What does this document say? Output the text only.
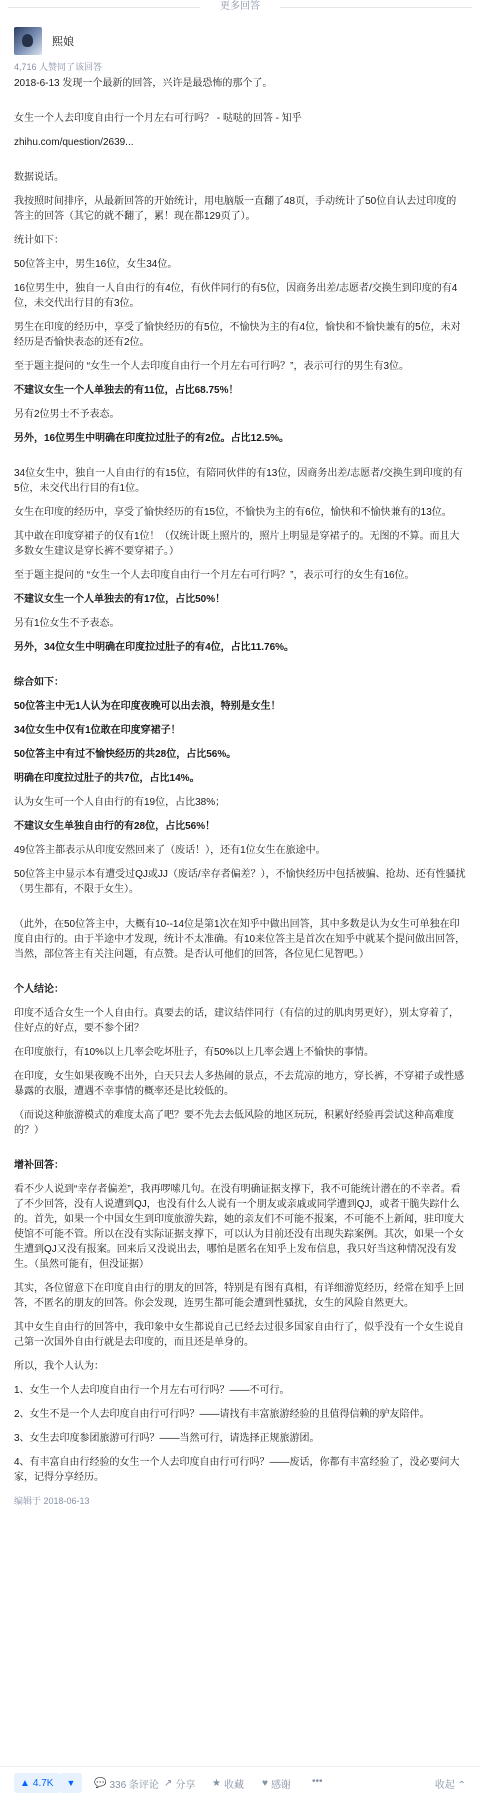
更多回答
熙娘
4,716 人赞同了该回答

2018-6-13 发现一个最新的回答，兴许是最恐怖的那个了。

女生一个人去印度自由行一个月左右可行吗？ - 哒哒的回答 - 知乎

zhihu.com/question/2639...

数据说话。

我按照时间排序，从最新回答的开始统计，用电脑版一直翻了48页，手动统计了50位自认去过印度的答主的回答（其它的就不翻了，累！现在都129页了）。

统计如下：

50位答主中，男生16位，女生34位。

16位男生中，独自一人自由行的有4位，有伙伴同行的有5位，因商务出差/志愿者/交换生到印度的有4位，未交代出行目的有3位。

男生在印度的经历中，享受了愉快经历的有5位，不愉快为主的有4位，愉快和不愉快兼有的5位，未对经历是否愉快表态的还有2位。

至于题主提问的 “女生一个人去印度自由行一个月左右可行吗？”，表示可行的男生有3位。

不建议女生一个人单独去的有11位，占比68.75%！

另有2位男士不予表态。

另外，16位男生中明确在印度拉过肚子的有2位。占比12.5%。

34位女生中，独自一人自由行的有15位，有陪同伙伴的有13位，因商务出差/志愿者/交换生到印度的有5位，未交代出行目的有1位。

女生在印度的经历中，享受了愉快经历的有15位，不愉快为主的有6位，愉快和不愉快兼有的13位。

其中敢在印度穿裙子的仅有1位！（仅统计既上照片的，照片上明显是穿裙子的。无图的不算。而且大多数女生建议是穿长裤不要穿裙子。）

至于题主提问的 “女生一个人去印度自由行一个月左右可行吗？”，表示可行的女生有16位。

不建议女生一个人单独去的有17位，占比50%！

另有1位女生不予表态。

另外，34位女生中明确在印度拉过肚子的有4位，占比11.76%。

综合如下：

50位答主中无1人认为在印度夜晚可以出去浪，特别是女生！

34位女生中仅有1位敢在印度穿裙子！

50位答主中有过不愉快经历的共28位，占比56%。

明确在印度拉过肚子的共7位，占比14%。

认为女生可一个人自由行的有19位，占比38%；

不建议女生单独自由行的有28位，占比56%！

49位答主都表示从印度安然回来了（废话！），还有1位女生在旅途中。

50位答主中显示本有遭受过QJ或JJ（废话/幸存者偏差？），不愉快经历中包括被骗、抢劫、还有性骚扰（男生都有，不限于女生）。

（此外，在50位答主中，大概有10--14位是第1次在知乎中做出回答，其中多数是认为女生可单独在印度自由行的。由于半途中才发现，统计不太准确。有10来位答主是首次在知乎中就某个提问做出回答，当然，部位答主有关注问题，有点赞。是否认可他们的回答，各位见仁见智吧。）

个人结论：

印度不适合女生一个人自由行。真要去的话，建议结伴同行（有信的过的肌肉男更好），别太穿着了，住好点的好点，要不参个团？

在印度旅行，有10%以上几率会吃坏肚子，有50%以上几率会遇上不愉快的事情。

在印度，女生如果夜晚不出外，白天只去人多热闹的景点，不去荒凉的地方，穿长裤，不穿裙子或性感暴露的衣服，遭遇不幸事情的概率还是比较低的。

（而说这种旅游模式的难度太高了吧？要不先去去低风险的地区玩玩，积累好经验再尝试这种高难度的？）

增补回答：

看不少人说到“幸存者偏差”，我再啰嗦几句。在没有明确证据支撑下，我不可能统计潜在的不幸者。看了不少回答，没有人说遭到QJ，也没有什么人说有一个朋友或亲戚或同学遭到QJ，或者干脆失踪什么的。首先，如果一个中国女生到印度旅游失踪，她的亲友们不可能不报案，不可能不上新闻，驻印度大使馆不可能不管。所以在没有实际证据支撑下，可以认为目前还没有出现失踪案例。其次，如果一个女生遭到QJ又没有报案。回来后又没说出去，哪怕是匿名在知乎上发布信息，我只好当这种情况没有发生。（虽然可能有，但没证据）

其实，各位留意下在印度自由行的朋友的回答，特别是有图有真相，有详细游览经历，经常在知乎上回答，不匿名的朋友的回答。你会发现，连男生都可能会遭到性骚扰，女生的风险自然更大。

其中女生自由行的回答中，我印象中女生都说自己已经去过很多国家自由行了，似乎没有一个女生说自己第一次国外自由行就是去印度的，而且还是单身的。

所以，我个人认为：

1、女生一个人去印度自由行一个月左右可行吗？——不可行。

2、女生不是一个人去印度自由行可行吗？——请找有丰富旅游经验的且值得信赖的驴友陪伴。

3、女生去印度参团旅游可行吗？——当然可行，请选择正规旅游团。

4、有丰富自由行经验的女生一个人去印度自由行可行吗？——废话，你都有丰富经验了，没必要问大家，记得分享经历。

编辑于 2018-06-13
▲ 4.7K ▼ 💬 336 条评论 ↗ 分享 ★ 收藏 ♥ 感谢 •••	收起 ⌃
